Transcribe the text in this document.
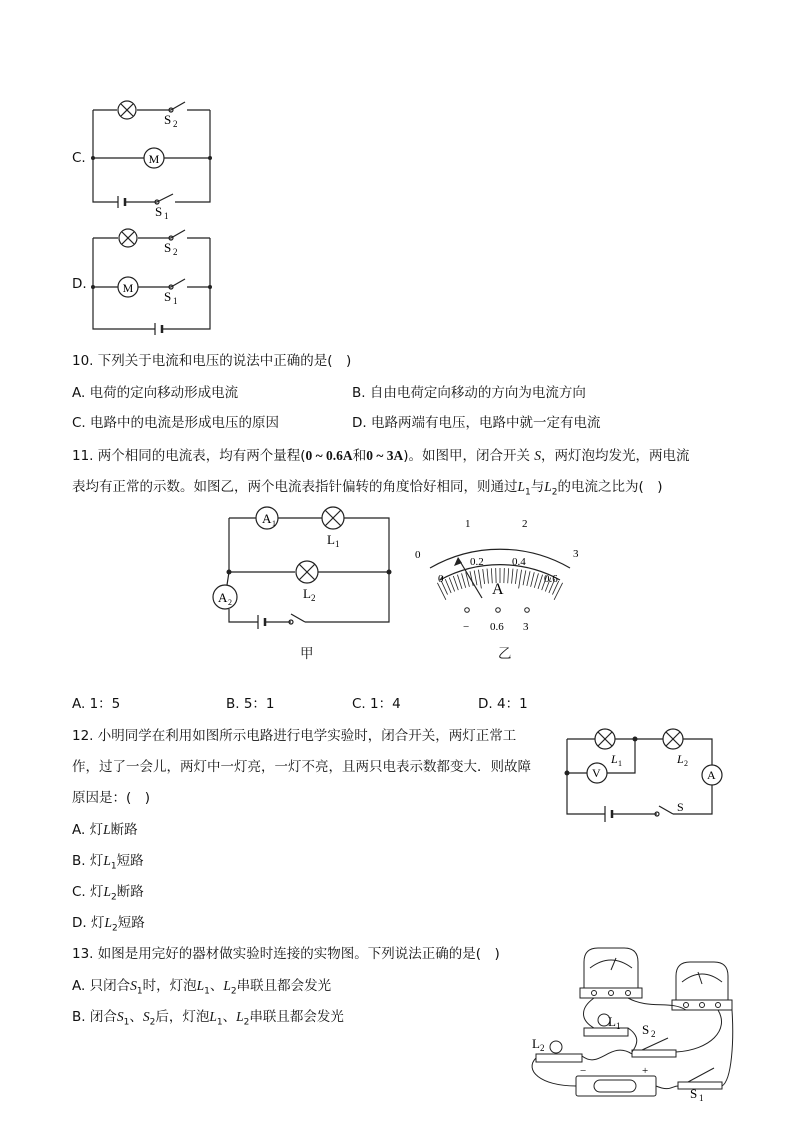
C.	M
S 2
S 1
D.	M
S 2
S 1
10. 下列关于电流和电压的说法中正确的是(　)
A. 电荷的定向移动形成电流	B. 自由电荷定向移动的方向为电流方向
C. 电路中的电流是形成电压的原因	D. 电路两端有电压，电路中就一定有电流
11. 两个相同的电流表，均有两个量程(0 ~ 0.6A和0 ~ 3A)。如图甲，闭合开关 S，两灯泡均发光，两电流
表均有正常的示数。如图乙，两个电流表指针偏转的角度恰好相同，则通过$L_1$与$L_2$的电流之比为(　)
A 1
A 2
L 1
L 2
甲
0
1	2
3
0
0.2	0.4
0.6
A
− 0.6 3
乙
A. 1：5	B. 5：1	C. 1：4	D. 4：1
12. 小明同学在利用如图所示电路进行电学实验时，闭合开关，两灯正常工
作，过了一会儿，两灯中一灯亮，一灯不亮，且两只电表示数都变大．则故障
原因是：(　)
A. 灯L断路
B. 灯$L_1$短路
C. 灯$L_2$断路
D. 灯$L_2$短路
V	A
L 1	L 2
S
13. 如图是用完好的器材做实验时连接的实物图。下列说法正确的是(　)
A. 只闭合$S_1$时，灯泡$L_1$、$L_2$串联且都会发光
B. 闭合$S_1$、$S_2$后，灯泡$L_1$、$L_2$串联且都会发光	L 1
L 2
S 2
S 1
−	+
